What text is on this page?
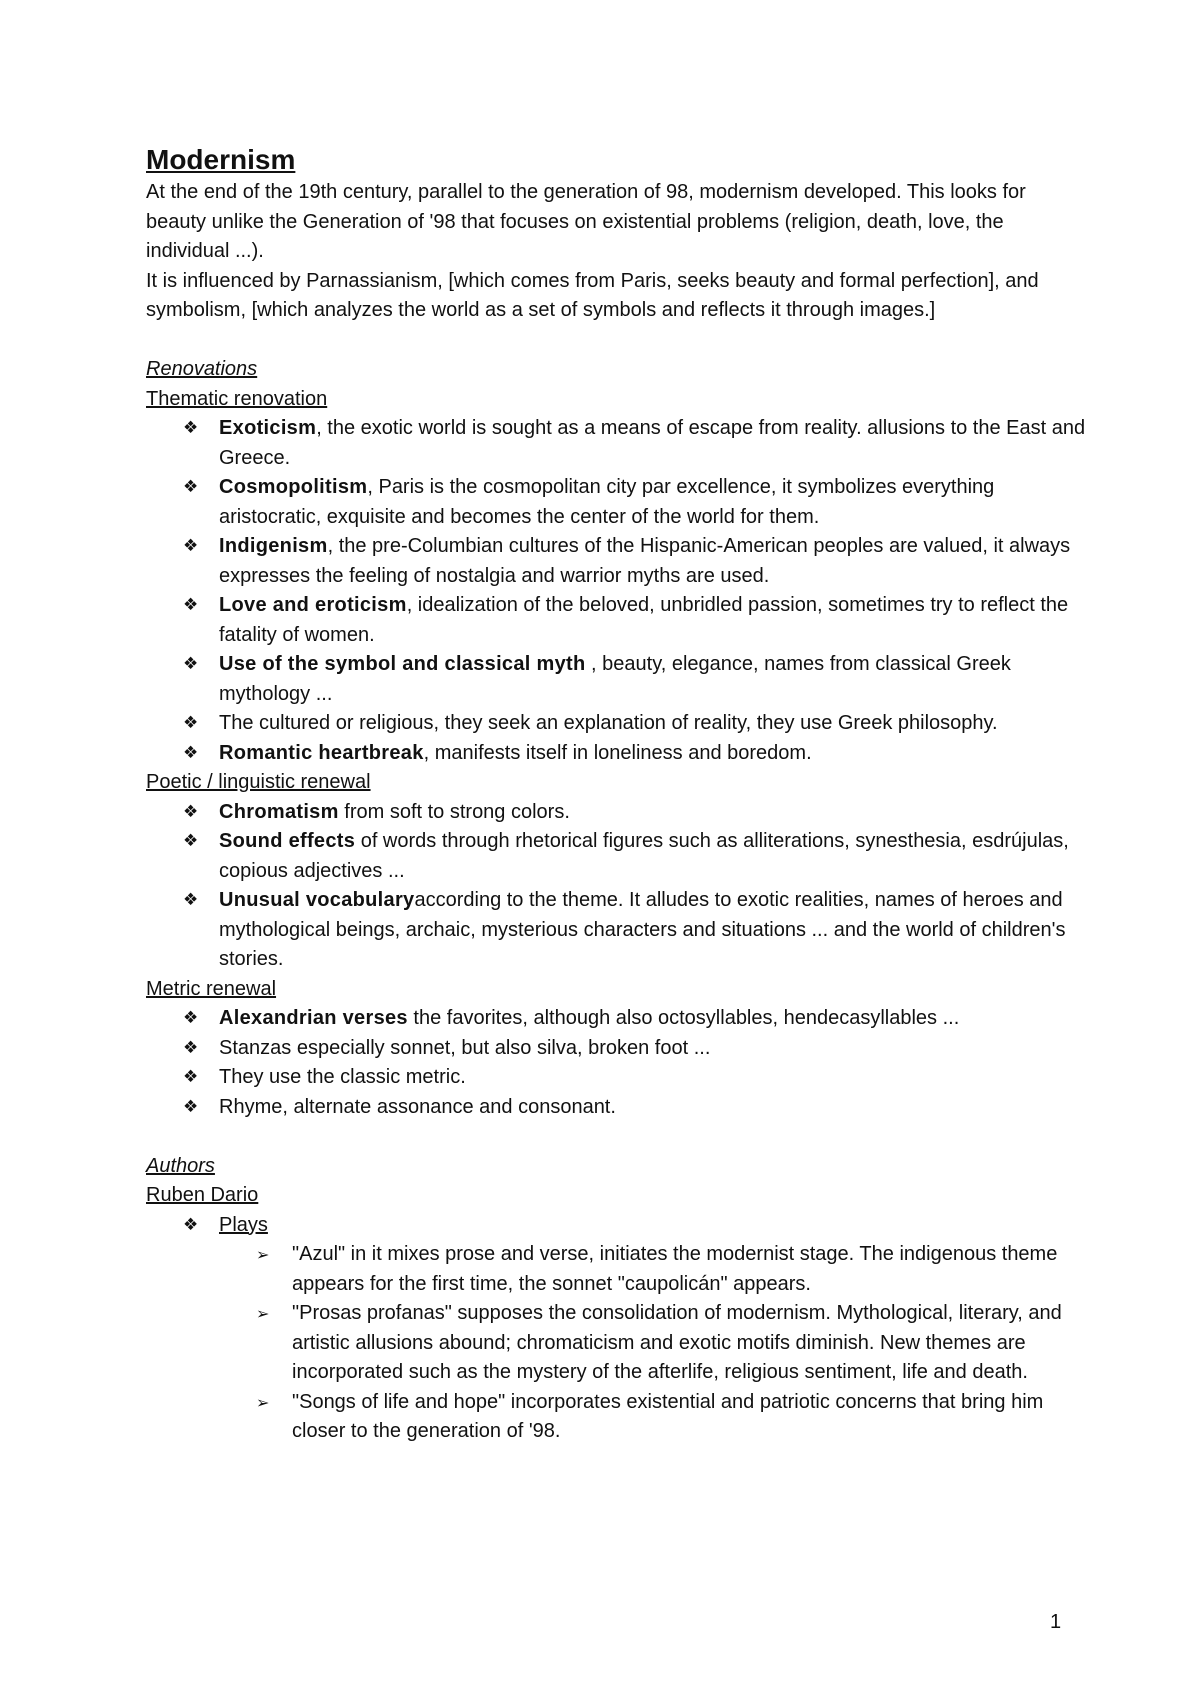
Modernism

At the end of the 19th century, parallel to the generation of 98, modernism developed. This looks for beauty unlike the Generation of '98 that focuses on existential problems (religion, death, love, the individual ...).

It is influenced by Parnassianism, [which comes from Paris, seeks beauty and formal perfection], and symbolism, [which analyzes the world as a set of symbols and reflects it through images.]

Renovations
Thematic renovation
❖ Exoticism, the exotic world is sought as a means of escape from reality. allusions to the East and Greece.
❖ Cosmopolitism, Paris is the cosmopolitan city par excellence, it symbolizes everything aristocratic, exquisite and becomes the center of the world for them.
❖ Indigenism, the pre-Columbian cultures of the Hispanic-American peoples are valued, it always expresses the feeling of nostalgia and warrior myths are used.
❖ Love and eroticism, idealization of the beloved, unbridled passion, sometimes try to reflect the fatality of women.
❖ Use of the symbol and classical myth , beauty, elegance, names from classical Greek mythology ...
❖ The cultured or religious, they seek an explanation of reality, they use Greek philosophy.
❖ Romantic heartbreak, manifests itself in loneliness and boredom.
Poetic / linguistic renewal
❖ Chromatism from soft to strong colors.
❖ Sound effects of words through rhetorical figures such as alliterations, synesthesia, esdrújulas, copious adjectives ...
❖ Unusual vocabularyaccording to the theme. It alludes to exotic realities, names of heroes and mythological beings, archaic, mysterious characters and situations ... and the world of children's stories.
Metric renewal
❖ Alexandrian verses the favorites, although also octosyllables, hendecasyllables ...
❖ Stanzas especially sonnet, but also silva, broken foot ...
❖ They use the classic metric.
❖ Rhyme, alternate assonance and consonant.
Authors
Ruben Dario
❖ Plays
➢ "Azul" in it mixes prose and verse, initiates the modernist stage. The indigenous theme appears for the first time, the sonnet "caupolicán" appears.
➢ "Prosas profanas" supposes the consolidation of modernism. Mythological, literary, and artistic allusions abound; chromaticism and exotic motifs diminish. New themes are incorporated such as the mystery of the afterlife, religious sentiment, life and death.
➢ "Songs of life and hope" incorporates existential and patriotic concerns that bring him closer to the generation of '98.
1
